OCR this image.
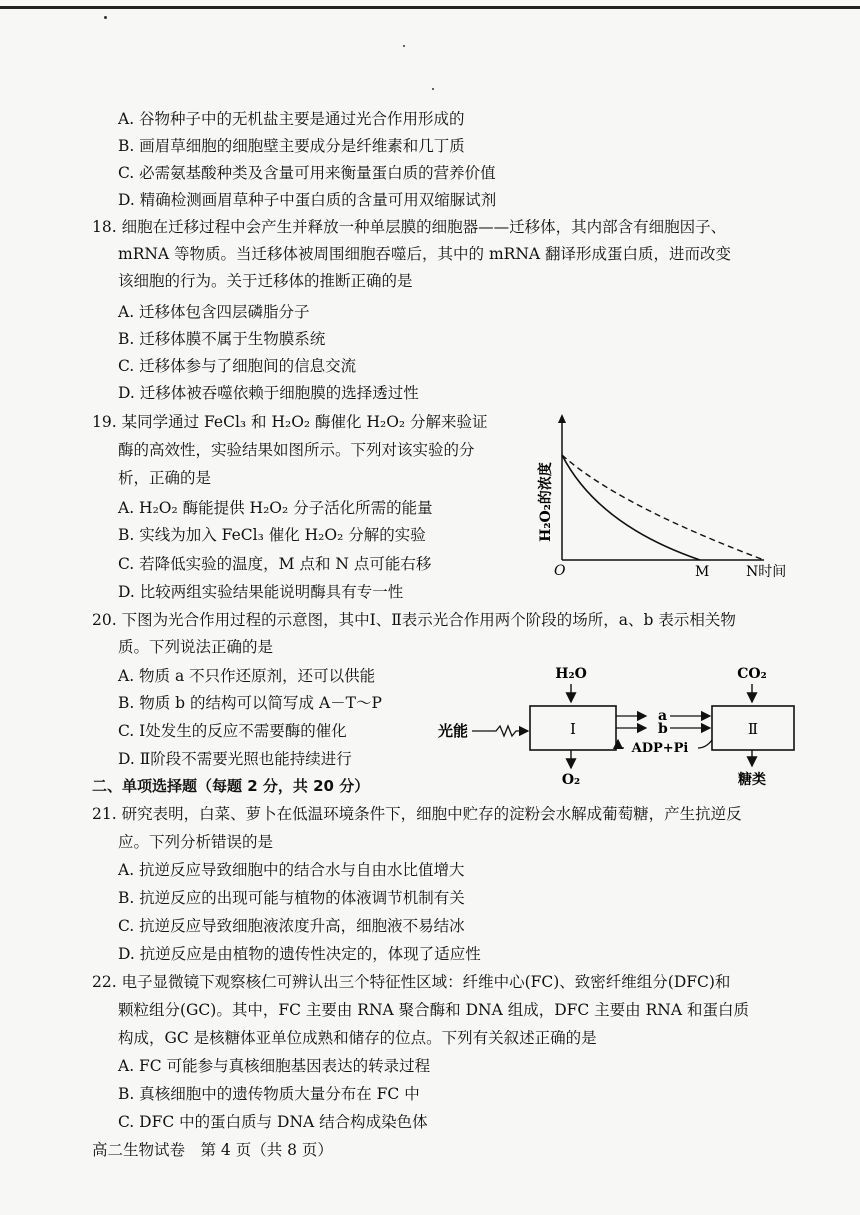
A. 谷物种子中的无机盐主要是通过光合作用形成的
B. 画眉草细胞的细胞壁主要成分是纤维素和几丁质
C. 必需氨基酸种类及含量可用来衡量蛋白质的营养价值
D. 精确检测画眉草种子中蛋白质的含量可用双缩脲试剂
18. 细胞在迁移过程中会产生并释放一种单层膜的细胞器——迁移体，其内部含有细胞因子、
mRNA 等物质。当迁移体被周围细胞吞噬后，其中的 mRNA 翻译形成蛋白质，进而改变
该细胞的行为。关于迁移体的推断正确的是
A. 迁移体包含四层磷脂分子
B. 迁移体膜不属于生物膜系统
C. 迁移体参与了细胞间的信息交流
D. 迁移体被吞噬依赖于细胞膜的选择透过性
19. 某同学通过 FeCl₃ 和 H₂O₂ 酶催化 H₂O₂ 分解来验证
酶的高效性，实验结果如图所示。下列对该实验的分
析，正确的是
A. H₂O₂ 酶能提供 H₂O₂ 分子活化所需的能量
B. 实线为加入 FeCl₃ 催化 H₂O₂ 分解的实验
C. 若降低实验的温度，M 点和 N 点可能右移
D. 比较两组实验结果能说明酶具有专一性
H₂O₂的浓度
O	M	N时间
20. 下图为光合作用过程的示意图，其中Ⅰ、Ⅱ表示光合作用两个阶段的场所，a、b 表示相关物
质。下列说法正确的是
A. 物质 a 不只作还原剂，还可以供能
B. 物质 b 的结构可以简写成 A－T～P
C. Ⅰ处发生的反应不需要酶的催化
D. Ⅱ阶段不需要光照也能持续进行
H₂O	CO₂
光能	Ⅰ	Ⅱ
a
b
ADP+Pi
O₂	糖类
二、单项选择题（每题 2 分，共 20 分）
21. 研究表明，白菜、萝卜在低温环境条件下，细胞中贮存的淀粉会水解成葡萄糖，产生抗逆反
应。下列分析错误的是
A. 抗逆反应导致细胞中的结合水与自由水比值增大
B. 抗逆反应的出现可能与植物的体液调节机制有关
C. 抗逆反应导致细胞液浓度升高，细胞液不易结冰
D. 抗逆反应是由植物的遗传性决定的，体现了适应性
22. 电子显微镜下观察核仁可辨认出三个特征性区域：纤维中心(FC)、致密纤维组分(DFC)和
颗粒组分(GC)。其中，FC 主要由 RNA 聚合酶和 DNA 组成，DFC 主要由 RNA 和蛋白质
构成，GC 是核糖体亚单位成熟和储存的位点。下列有关叙述正确的是
A. FC 可能参与真核细胞基因表达的转录过程
B. 真核细胞中的遗传物质大量分布在 FC 中
C. DFC 中的蛋白质与 DNA 结合构成染色体
高二生物试卷　第 4 页（共 8 页）
